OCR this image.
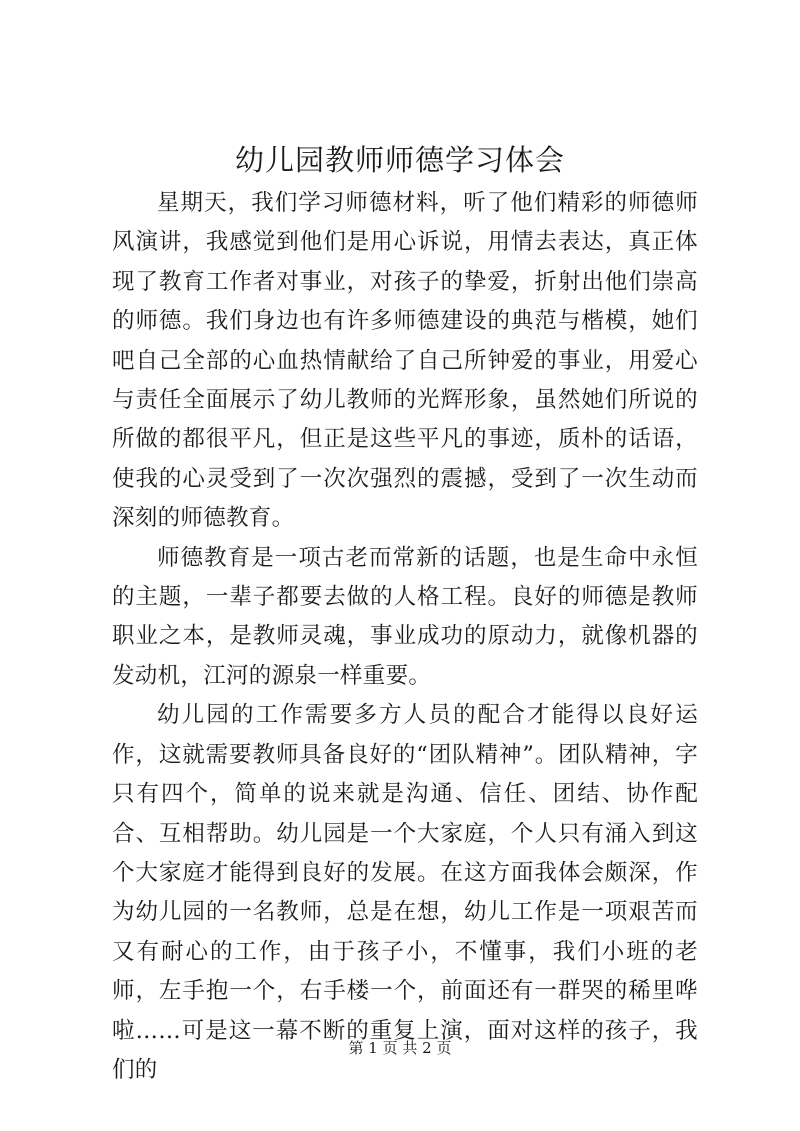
幼儿园教师师德学习体会

星期天，我们学习师德材料，听了他们精彩的师德师风演讲，我感觉到他们是用心诉说，用情去表达，真正体现了教育工作者对事业，对孩子的挚爱，折射出他们崇高的师德。我们身边也有许多师德建设的典范与楷模，她们吧自己全部的心血热情献给了自己所钟爱的事业，用爱心与责任全面展示了幼儿教师的光辉形象，虽然她们所说的所做的都很平凡，但正是这些平凡的事迹，质朴的话语，使我的心灵受到了一次次强烈的震撼，受到了一次生动而深刻的师德教育。

师德教育是一项古老而常新的话题，也是生命中永恒的主题，一辈子都要去做的人格工程。良好的师德是教师职业之本，是教师灵魂，事业成功的原动力，就像机器的发动机，江河的源泉一样重要。

幼儿园的工作需要多方人员的配合才能得以良好运作，这就需要教师具备良好的“团队精神”。团队精神，字只有四个，简单的说来就是沟通、信任、团结、协作配合、互相帮助。幼儿园是一个大家庭，个人只有涌入到这个大家庭才能得到良好的发展。在这方面我体会颇深，作为幼儿园的一名教师，总是在想，幼儿工作是一项艰苦而又有耐心的工作，由于孩子小，不懂事，我们小班的老师，左手抱一个，右手楼一个，前面还有一群哭的稀里哗啦……可是这一幕不断的重复上演，面对这样的孩子，我们的

第 1 页 共 2 页
